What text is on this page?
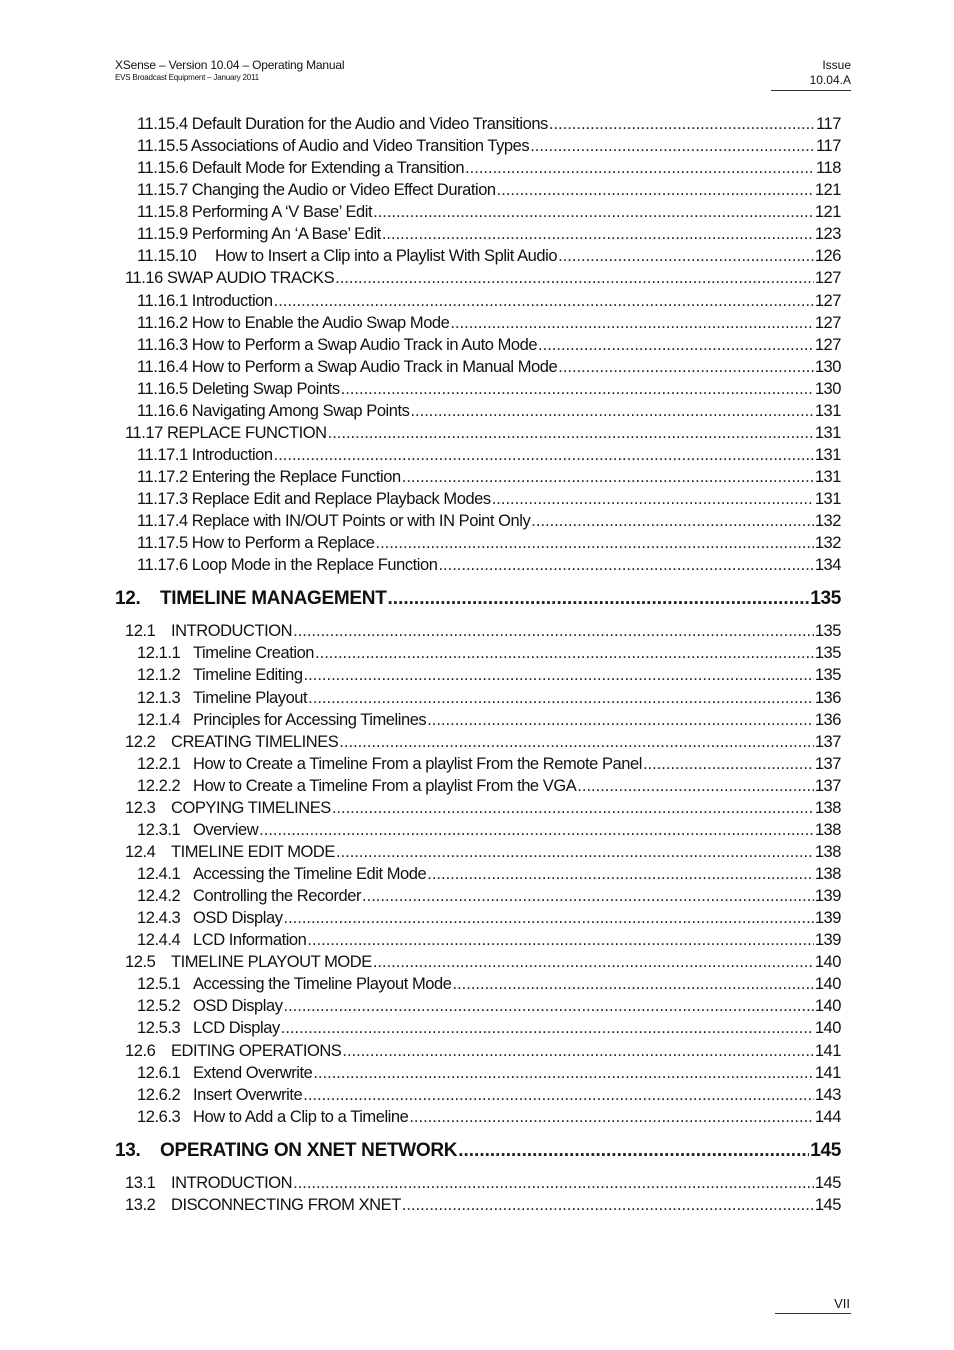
XSense – Version 10.04 – Operating Manual
EVS Broadcast Equipment – January 2011
Issue
10.04.A
11.15.4 Default Duration for the Audio and Video Transitions .....	117
11.15.5 Associations of Audio and Video Transition Types .....	117
11.15.6 Default Mode for Extending a Transition .....	118
11.15.7 Changing the Audio or Video Effect Duration .....	121
11.15.8 Performing A ‘V Base’ Edit .....	121
11.15.9 Performing An ‘A Base’ Edit .....	123
11.15.10 How to Insert a Clip into a Playlist With Split Audio .....	126
11.16 SWAP AUDIO TRACKS .....	127
11.16.1 Introduction .....	127
11.16.2 How to Enable the Audio Swap Mode .....	127
11.16.3 How to Perform a Swap Audio Track in Auto Mode .....	127
11.16.4 How to Perform a Swap Audio Track in Manual Mode .....	130
11.16.5 Deleting Swap Points .....	130
11.16.6 Navigating Among Swap Points .....	131
11.17 REPLACE FUNCTION .....	131
11.17.1 Introduction .....	131
11.17.2 Entering the Replace Function .....	131
11.17.3 Replace Edit and Replace Playback Modes .....	131
11.17.4 Replace with IN/OUT Points or with IN Point Only .....	132
11.17.5 How to Perform a Replace .....	132
11.17.6 Loop Mode in the Replace Function .....	134
12. TIMELINE MANAGEMENT .....	135
12.1 INTRODUCTION .....	135
12.1.1 Timeline Creation .....	135
12.1.2 Timeline Editing .....	135
12.1.3 Timeline Playout .....	136
12.1.4 Principles for Accessing Timelines .....	136
12.2 CREATING TIMELINES .....	137
12.2.1 How to Create a Timeline From a playlist From the Remote Panel .....	137
12.2.2 How to Create a Timeline From a playlist From the VGA .....	137
12.3 COPYING TIMELINES .....	138
12.3.1 Overview .....	138
12.4 TIMELINE EDIT MODE .....	138
12.4.1 Accessing the Timeline Edit Mode .....	138
12.4.2 Controlling the Recorder .....	139
12.4.3 OSD Display .....	139
12.4.4 LCD Information .....	139
12.5 TIMELINE PLAYOUT MODE .....	140
12.5.1 Accessing the Timeline Playout Mode .....	140
12.5.2 OSD Display .....	140
12.5.3 LCD Display .....	140
12.6 EDITING OPERATIONS .....	141
12.6.1 Extend Overwrite .....	141
12.6.2 Insert Overwrite .....	143
12.6.3 How to Add a Clip to a Timeline .....	144
13. OPERATING ON XNET NETWORK .....	145
13.1 INTRODUCTION .....	145
13.2 DISCONNECTING FROM XNET .....	145
VII
